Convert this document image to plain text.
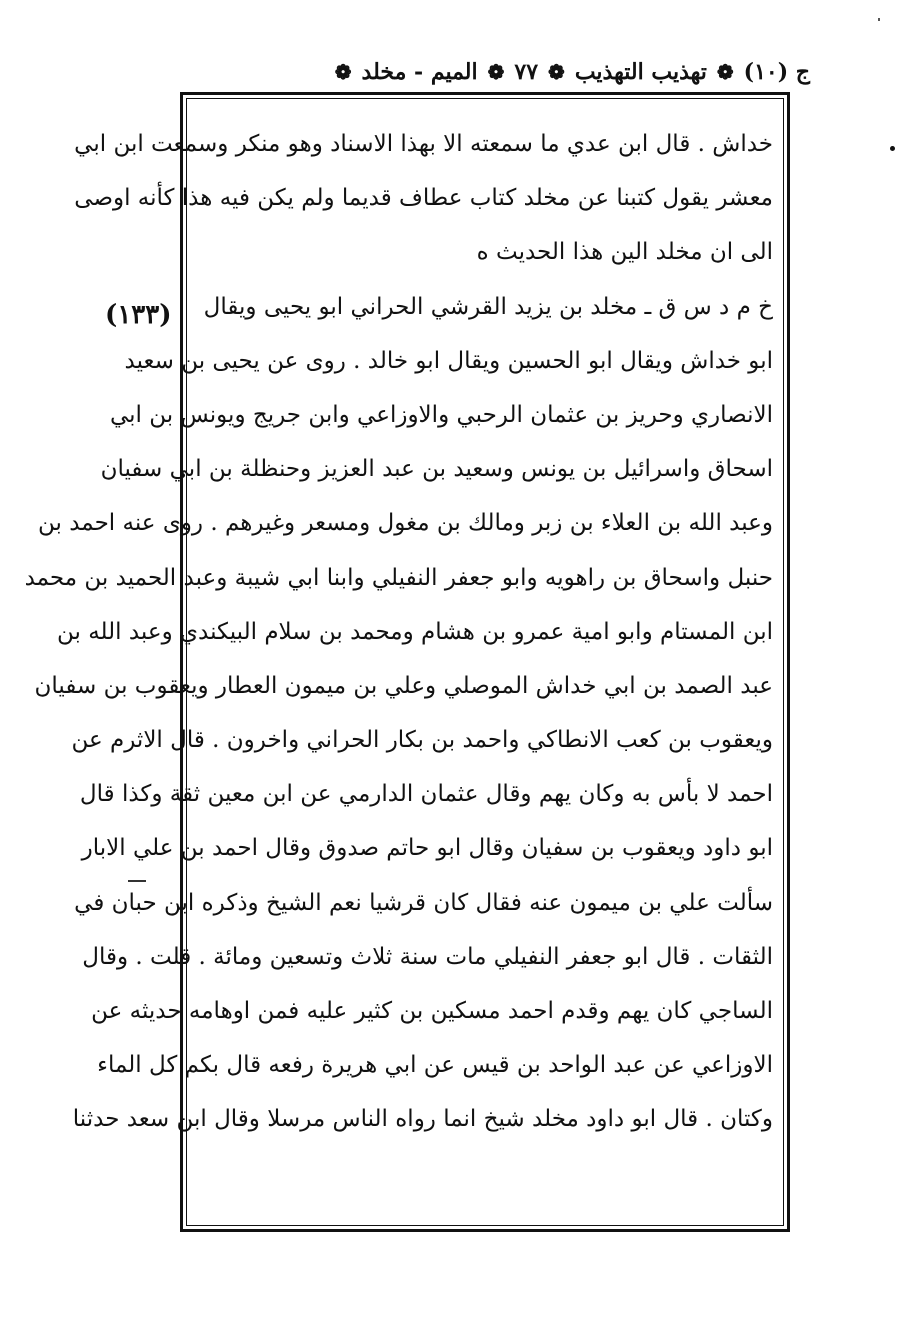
ج (١٠)
❁
تهذيب التهذيب
❁
٧٧
❁
الميم - مخلد
❁
(١٣٣)
خداش . قال ابن عدي ما سمعته الا بهذا الاسناد وهو منكر وسمعت ابن ابي
معشر يقول كتبنا عن مخلد كتاب عطاف قديما ولم يكن فيه هذا كأنه اوصى
الى ان مخلد الين هذا الحديث ه
خ م د س ق ـ مخلد بن يزيد القرشي الحراني ابو يحيى ويقال
ابو خداش ويقال ابو الحسين ويقال ابو خالد . روى عن يحيى بن سعيد
الانصاري وحريز بن عثمان الرحبي والاوزاعي وابن جريج ويونس بن ابي
اسحاق واسرائيل بن يونس وسعيد بن عبد العزيز وحنظلة بن ابي سفيان
وعبد الله بن العلاء بن زبر ومالك بن مغول ومسعر وغيرهم . روى عنه احمد بن
حنبل واسحاق بن راهويه وابو جعفر النفيلي وابنا ابي شيبة وعبد الحميد بن محمد
ابن المستام وابو امية عمرو بن هشام ومحمد بن سلام البيكندي وعبد الله بن
عبد الصمد بن ابي خداش الموصلي وعلي بن ميمون العطار ويعقوب بن سفيان
ويعقوب بن كعب الانطاكي واحمد بن بكار الحراني واخرون . قال الاثرم عن
احمد لا بأس به وكان يهم وقال عثمان الدارمي عن ابن معين ثقة وكذا قال
ابو داود ويعقوب بن سفيان وقال ابو حاتم صدوق وقال احمد بن علي الابار
سألت علي بن ميمون عنه فقال كان قرشيا نعم الشيخ وذكره ابن حبان في
الثقات . قال ابو جعفر النفيلي مات سنة ثلاث وتسعين ومائة . قلت . وقال
الساجي كان يهم وقدم احمد مسكين بن كثير عليه فمن اوهامه حديثه عن
الاوزاعي عن عبد الواحد بن قيس عن ابي هريرة رفعه قال بكم كل الماء
وكتان . قال ابو داود مخلد شيخ انما رواه الناس مرسلا وقال ابن سعد حدثنا
